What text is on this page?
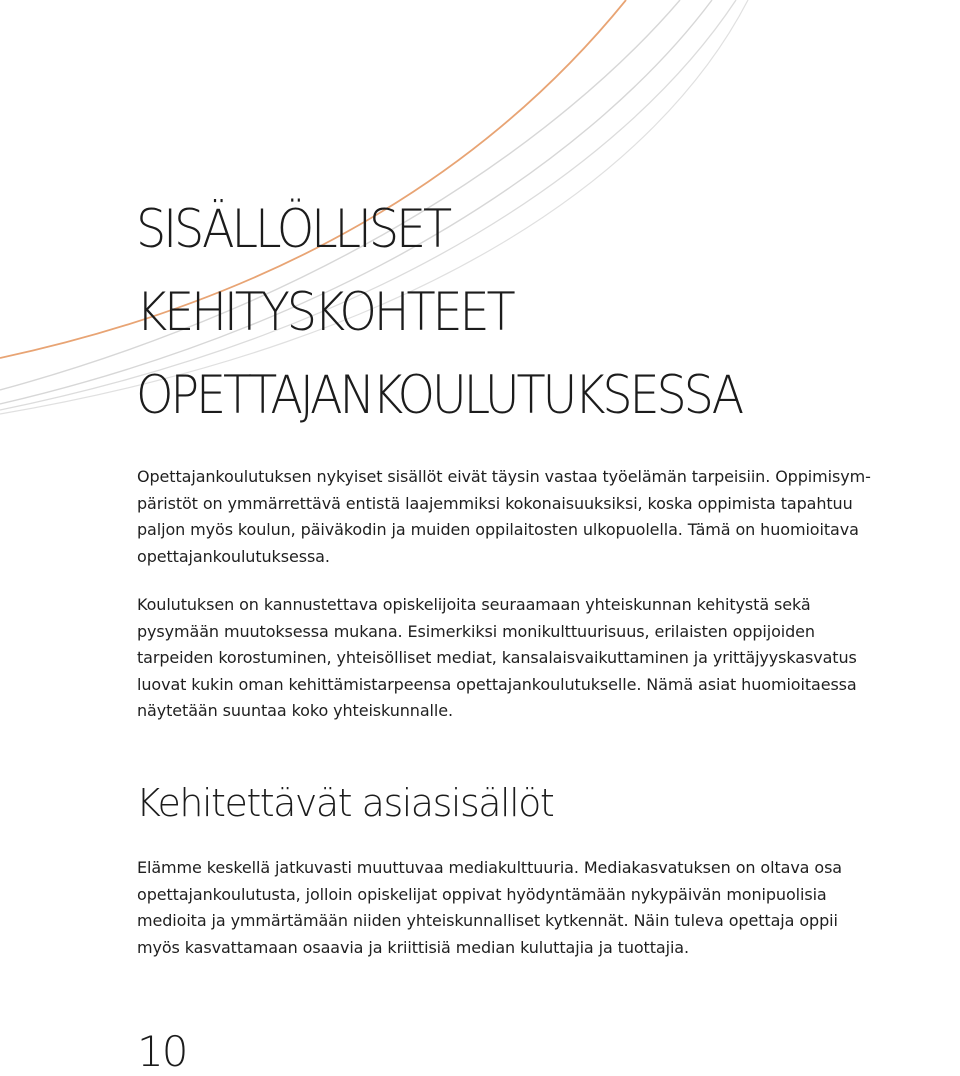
SISÄLLÖLLISET
KEHITYSKOHTEET
OPETTAJANKOULUTUKSESSA

Opettajankoulutuksen nykyiset sisällöt eivät täysin vastaa työelämän tarpeisiin. Oppimisym-
päristöt on ymmärrettävä entistä laajemmiksi kokonaisuuksiksi, koska oppimista tapahtuu
paljon myös koulun, päiväkodin ja muiden oppilaitosten ulkopuolella. Tämä on huomioitava
opettajankoulutuksessa.

Koulutuksen on kannustettava opiskelijoita seuraamaan yhteiskunnan kehitystä sekä
pysymään muutoksessa mukana. Esimerkiksi monikulttuurisuus, erilaisten oppijoiden
tarpeiden korostuminen, yhteisölliset mediat, kansalaisvaikuttaminen ja yrittäjyyskasvatus
luovat kukin oman kehittämistarpeensa opettajankoulutukselle. Nämä asiat huomioitaessa
näytetään suuntaa koko yhteiskunnalle.

Kehitettävät asiasisällöt

Elämme keskellä jatkuvasti muuttuvaa mediakulttuuria. Mediakasvatuksen on oltava osa
opettajankoulutusta, jolloin opiskelijat oppivat hyödyntämään nykypäivän monipuolisia
medioita ja ymmärtämään niiden yhteiskunnalliset kytkennät. Näin tuleva opettaja oppii
myös kasvattamaan osaavia ja kriittisiä median kuluttajia ja tuottajia.

10
